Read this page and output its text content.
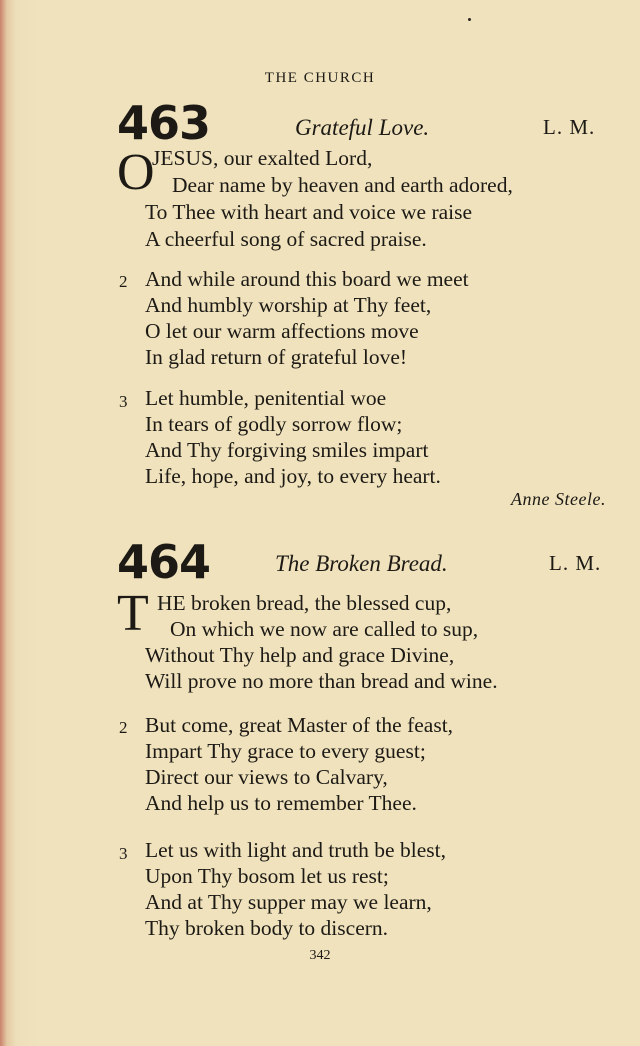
THE CHURCH
463	Grateful Love.	L. M.
O
JESUS, our exalted Lord,
Dear name by heaven and earth adored,
To Thee with heart and voice we raise
A cheerful song of sacred praise.
2 And while around this board we meet
And humbly worship at Thy feet,
O let our warm affections move
In glad return of grateful love!
3 Let humble, penitential woe
In tears of godly sorrow flow;
And Thy forgiving smiles impart
Life, hope, and joy, to every heart.
Anne Steele.
464	The Broken Bread.	L. M.
T HE broken bread, the blessed cup,
On which we now are called to sup,
Without Thy help and grace Divine,
Will prove no more than bread and wine.
2 But come, great Master of the feast,
Impart Thy grace to every guest;
Direct our views to Calvary,
And help us to remember Thee.
3 Let us with light and truth be blest,
Upon Thy bosom let us rest;
And at Thy supper may we learn,
Thy broken body to discern.
342
